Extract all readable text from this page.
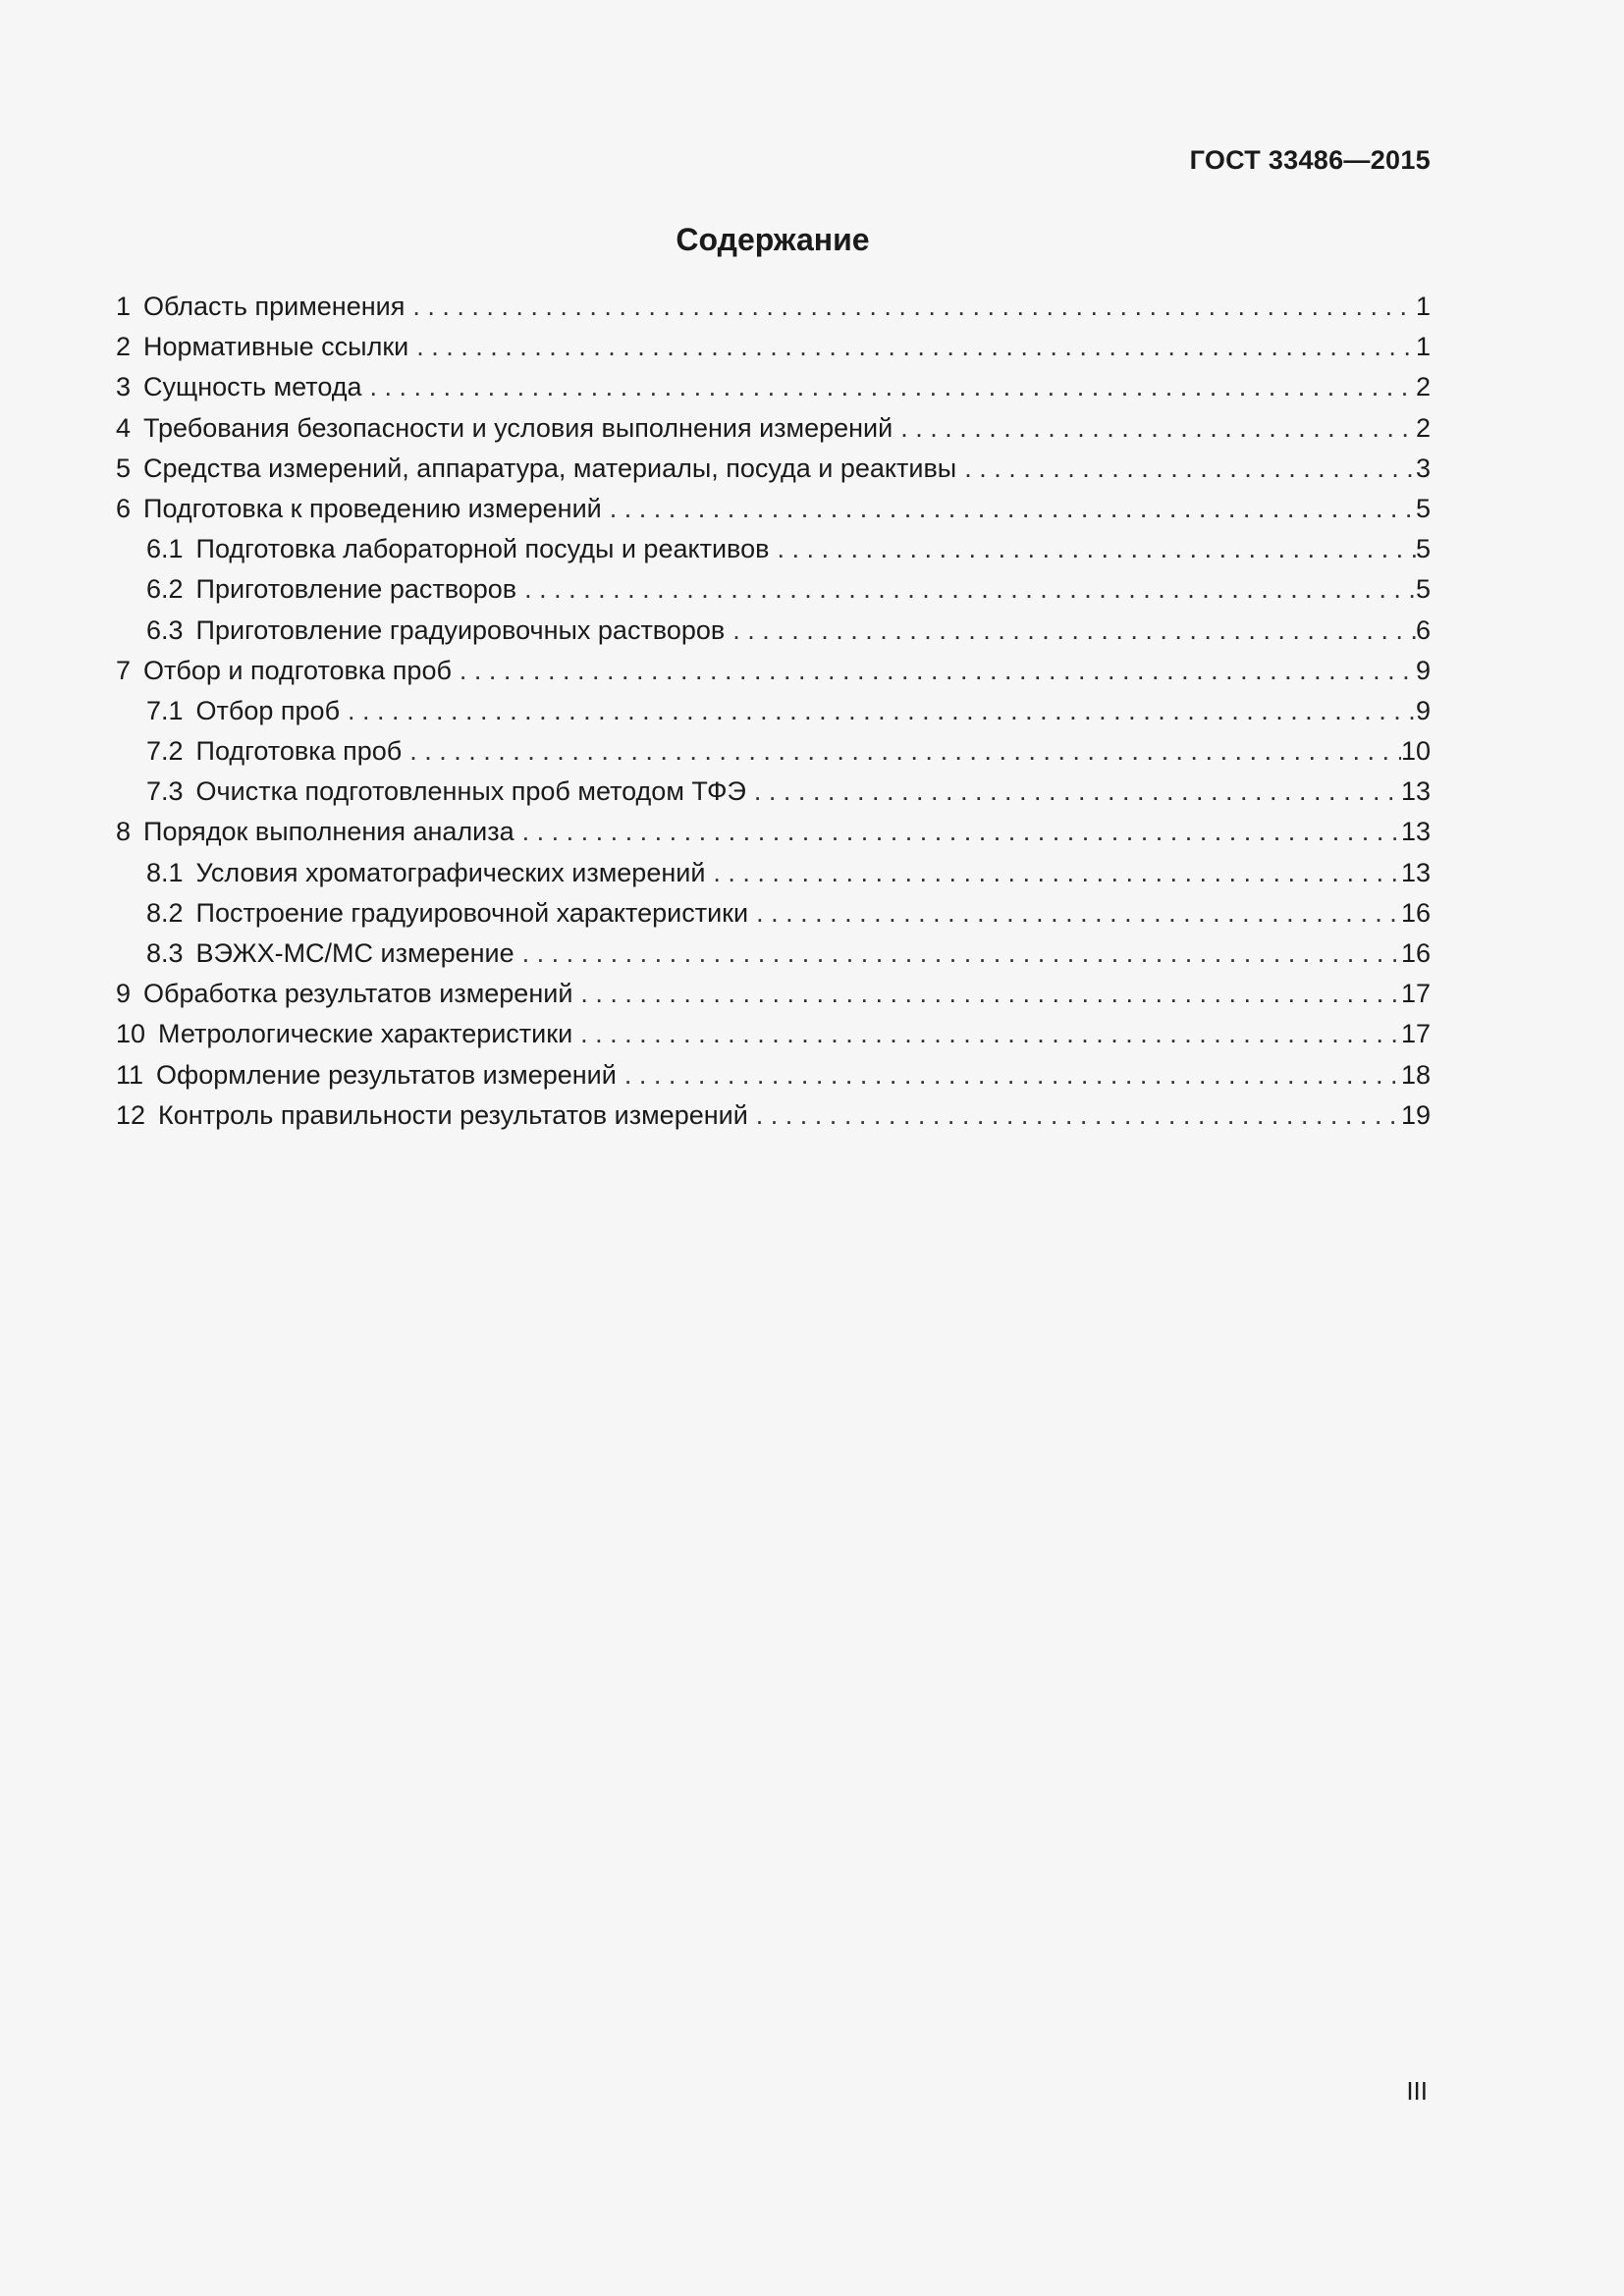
ГОСТ 33486—2015

Содержание
1 Область применения . . .	1
2 Нормативные ссылки . . .	1
3 Сущность метода . . .	2
4 Требования безопасности и условия выполнения измерений . . .	2
5 Средства измерений, аппаратура, материалы, посуда и реактивы . . .	3
6 Подготовка к проведению измерений . . .	5
6.1 Подготовка лабораторной посуды и реактивов . . .	5
6.2 Приготовление растворов . . .	5
6.3 Приготовление градуировочных растворов . . .	6
7 Отбор и подготовка проб . . .	9
7.1 Отбор проб . . .	9
7.2 Подготовка проб . . .	10
7.3 Очистка подготовленных проб методом ТФЭ . . .	13
8 Порядок выполнения анализа . . .	13
8.1 Условия хроматографических измерений . . .	13
8.2 Построение градуировочной характеристики . . .	16
8.3 ВЭЖХ-МС/МС измерение . . .	16
9 Обработка результатов измерений . . .	17
10 Метрологические характеристики . . .	17
11 Оформление результатов измерений . . .	18
12 Контроль правильности результатов измерений . . .	19

III
